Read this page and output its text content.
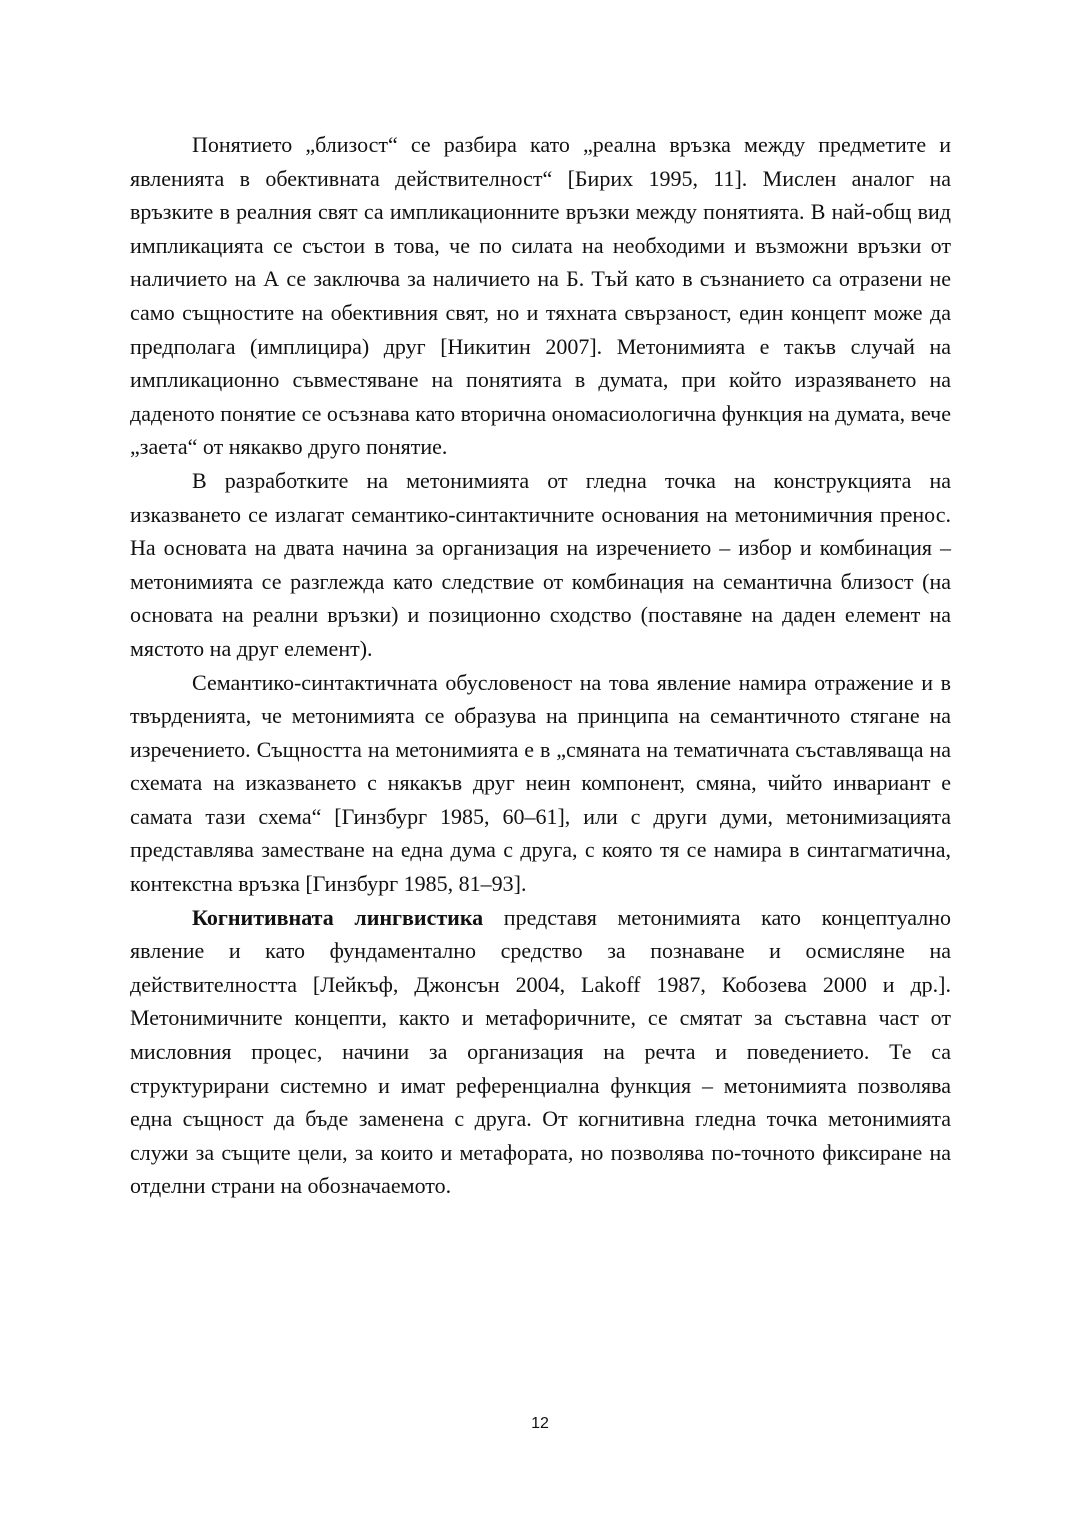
Понятието „близост“ се разбира като „реална връзка между предметите и явленията в обективната действителност“ [Бирих 1995, 11]. Мислен аналог на връзките в реалния свят са импликационните връзки между понятията. В най-общ вид импликацията се състои в това, че по силата на необходими и възможни връзки от наличието на А се заключва за наличието на Б. Тъй като в съзнанието са отразени не само същностите на обективния свят, но и тяхната свързаност, един концепт може да предполага (имплицира) друг [Никитин 2007]. Метонимията е такъв случай на импликационно съвместяване на понятията в думата, при който изразяването на даденото понятие се осъзнава като вторична ономасиологична функция на думата, вече „заета“ от някакво друго понятие.

В разработките на метонимията от гледна точка на конструкцията на изказването се излагат семантико-синтактичните основания на метонимичния пренос. На основата на двата начина за организация на изречението – избор и комбинация – метонимията се разглежда като следствие от комбинация на семантична близост (на основата на реални връзки) и позиционно сходство (поставяне на даден елемент на мястото на друг елемент).

Семантико-синтактичната обусловеност на това явление намира отражение и в твърденията, че метонимията се образува на принципа на семантичното стягане на изречението. Същността на метонимията е в „смяната на тематичната съставляваща на схемата на изказването с някакъв друг неин компонент, смяна, чийто инвариант е самата тази схема“ [Гинзбург 1985, 60–61], или с други думи, метонимизацията представлява заместване на една дума с друга, с която тя се намира в синтагматична, контекстна връзка [Гинзбург 1985, 81–93].

Когнитивната лингвистика представя метонимията като концептуално явление и като фундаментално средство за познаване и осмисляне на действителността [Лейкъф, Джонсън 2004, Lakoff 1987, Кобозева 2000 и др.]. Метонимичните концепти, както и метафоричните, се смятат за съставна част от мисловния процес, начини за организация на речта и поведението. Те са структурирани системно и имат референциална функция – метонимията позволява една същност да бъде заменена с друга. От когнитивна гледна точка метонимията служи за същите цели, за които и метафората, но позволява по-точното фиксиране на отделни страни на обозначаемото.

12
